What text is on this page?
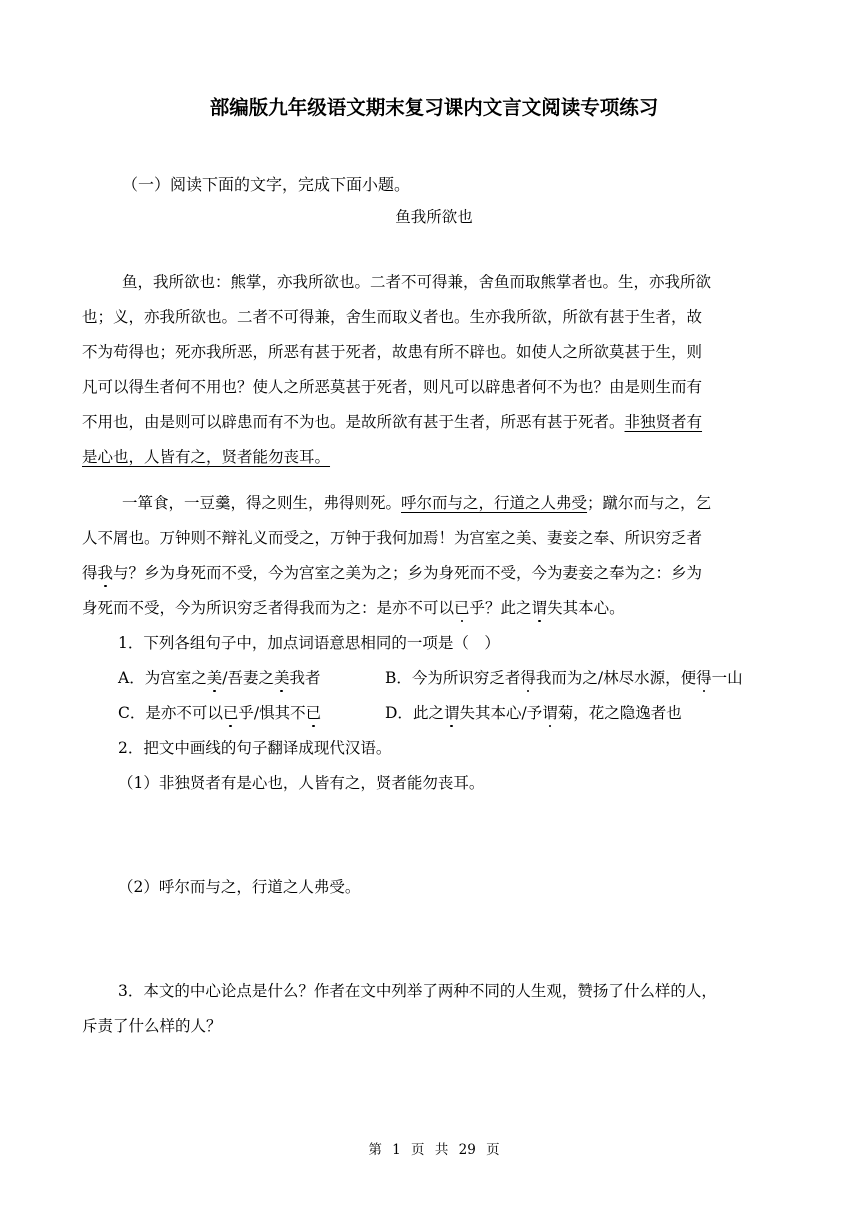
部编版九年级语文期末复习课内文言文阅读专项练习
（一）阅读下面的文字，完成下面小题。
鱼我所欲也
鱼，我所欲也：熊掌，亦我所欲也。二者不可得兼，舍鱼而取熊掌者也。生，亦我所欲
也；义，亦我所欲也。二者不可得兼，舍生而取义者也。生亦我所欲，所欲有甚于生者，故
不为苟得也；死亦我所恶，所恶有甚于死者，故患有所不辟也。如使人之所欲莫甚于生，则
凡可以得生者何不用也？使人之所恶莫甚于死者，则凡可以辟患者何不为也？由是则生而有
不用也，由是则可以辟患而有不为也。是故所欲有甚于生者，所恶有甚于死者。非独贤者有
是心也，人皆有之，贤者能勿丧耳。
一箪食，一豆羹，得之则生，弗得则死。呼尔而与之，行道之人弗受；蹴尔而与之，乞
人不屑也。万钟则不辩礼义而受之，万钟于我何加焉！为宫室之美、妻妾之奉、所识穷乏者
得我与？乡为身死而不受，今为宫室之美为之；乡为身死而不受，今为妻妾之奉为之：乡为
身死而不受，今为所识穷乏者得我而为之：是亦不可以已乎？此之谓失其本心。
1．下列各组句子中，加点词语意思相同的一项是（　）
A．为宫室之美/吾妻之美我者	B．今为所识穷乏者得我而为之/林尽水源，便得一山
C．是亦不可以已乎/惧其不已	D．此之谓失其本心/予谓菊，花之隐逸者也
2．把文中画线的句子翻译成现代汉语。
（1）非独贤者有是心也，人皆有之，贤者能勿丧耳。
（2）呼尔而与之，行道之人弗受。
3．本文的中心论点是什么？作者在文中列举了两种不同的人生观，赞扬了什么样的人，
斥责了什么样的人？
第 1 页 共 29 页
